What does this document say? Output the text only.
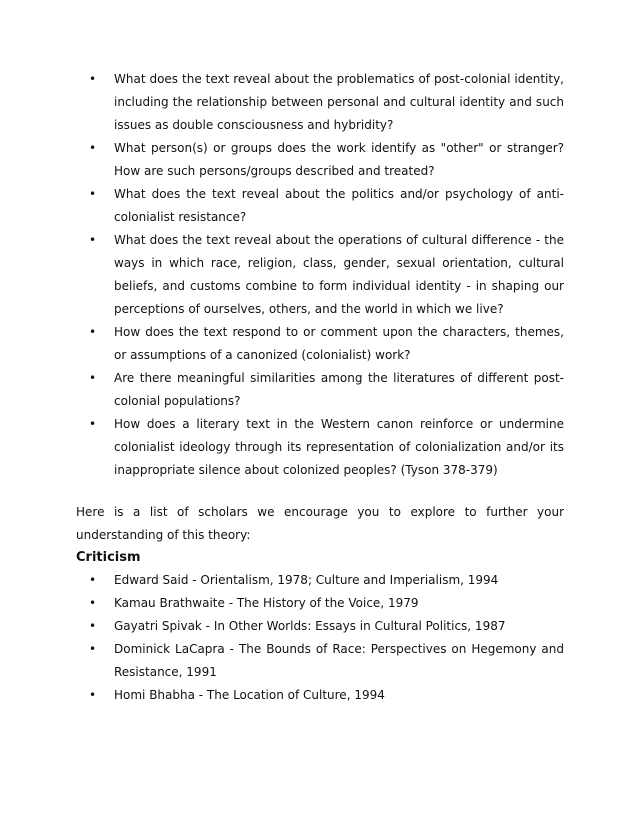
• What does the text reveal about the problematics of post-colonial identity, including the relationship between personal and cultural identity and such issues as double consciousness and hybridity?
• What person(s) or groups does the work identify as "other" or stranger? How are such persons/groups described and treated?
• What does the text reveal about the politics and/or psychology of anti-colonialist resistance?
• What does the text reveal about the operations of cultural difference - the ways in which race, religion, class, gender, sexual orientation, cultural beliefs, and customs combine to form individual identity - in shaping our perceptions of ourselves, others, and the world in which we live?
• How does the text respond to or comment upon the characters, themes, or assumptions of a canonized (colonialist) work?
• Are there meaningful similarities among the literatures of different post-colonial populations?
• How does a literary text in the Western canon reinforce or undermine colonialist ideology through its representation of colonialization and/or its inappropriate silence about colonized peoples? (Tyson 378-379)

Here is a list of scholars we encourage you to explore to further your understanding of this theory:

Criticism
• Edward Said - Orientalism, 1978; Culture and Imperialism, 1994
• Kamau Brathwaite - The History of the Voice, 1979
• Gayatri Spivak - In Other Worlds: Essays in Cultural Politics, 1987
• Dominick LaCapra - The Bounds of Race: Perspectives on Hegemony and Resistance, 1991
• Homi Bhabha - The Location of Culture, 1994
